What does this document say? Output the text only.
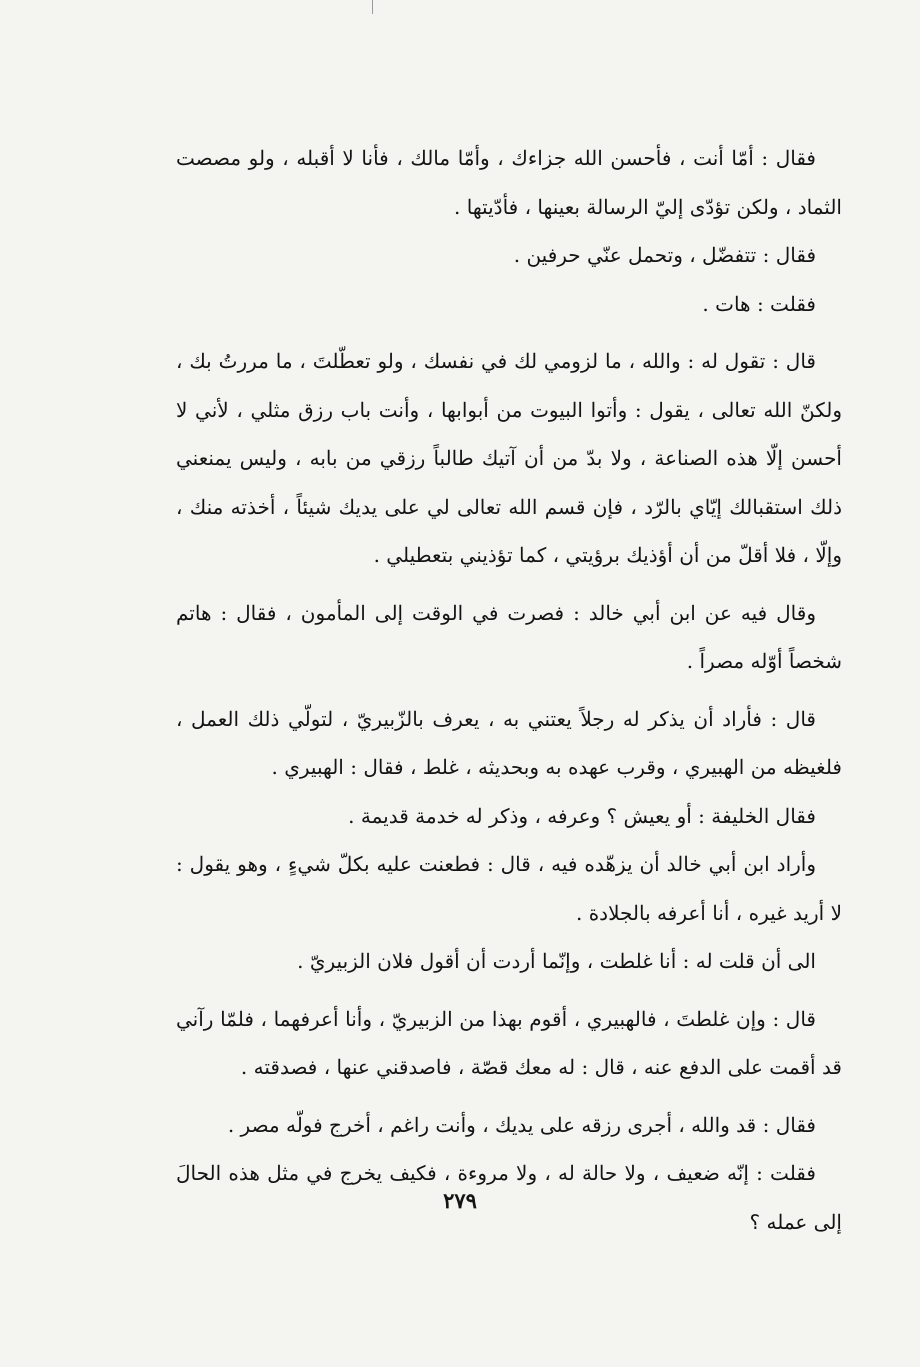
فقال : أمّا أنت ، فأحسن الله جزاءك ، وأمّا مالك ، فأنا لا أقبله ، ولو مصصت الثماد ، ولكن تؤدّى إليّ الرسالة بعينها ، فأدّيتها .

فقال : تتفضّل ، وتحمل عنّي حرفين .

فقلت : هات .

قال : تقول له : والله ، ما لزومي لك في نفسك ، ولو تعطّلتَ ، ما مررتُ بك ، ولكنّ الله تعالى ، يقول : وأتوا البيوت من أبوابها ، وأنت باب رزق مثلي ، لأني لا أحسن إلّا هذه الصناعة ، ولا بدّ من أن آتيك طالباً رزقي من بابه ، وليس يمنعني ذلك استقبالك إيّاي بالرّد ، فإن قسم الله تعالى لي على يديك شيئاً ، أخذته منك ، وإلّا ، فلا أقلّ من أن أؤذيك برؤيتي ، كما تؤذيني بتعطيلي .

وقال فيه عن ابن أبي خالد : فصرت في الوقت إلى المأمون ، فقال : هاتم شخصاً أوّله مصراً .

قال : فأراد أن يذكر له رجلاً يعتني به ، يعرف بالزّبيريّ ، لتولّي ذلك العمل ، فلغيظه من الهبيري ، وقرب عهده به وبحديثه ، غلط ، فقال : الهبيري .

فقال الخليفة : أو يعيش ؟ وعرفه ، وذكر له خدمة قديمة .

وأراد ابن أبي خالد أن يزهّده فيه ، قال : فطعنت عليه بكلّ شيءٍ ، وهو يقول : لا أريد غيره ، أنا أعرفه بالجلادة .

الى أن قلت له : أنا غلطت ، وإنّما أردت أن أقول فلان الزبيريّ .

قال : وإن غلطتَ ، فالهبيري ، أقوم بهذا من الزبيريّ ، وأنا أعرفهما ، فلمّا رآني قد أقمت على الدفع عنه ، قال : له معك قصّة ، فاصدقني عنها ، فصدقته .

فقال : قد والله ، أجرى رزقه على يديك ، وأنت راغم ، أخرج فولّه مصر .

فقلت : إنّه ضعيف ، ولا حالة له ، ولا مروءة ، فكيف يخرج في مثل هذه الحالَ إلى عمله ؟

٢٧٩
